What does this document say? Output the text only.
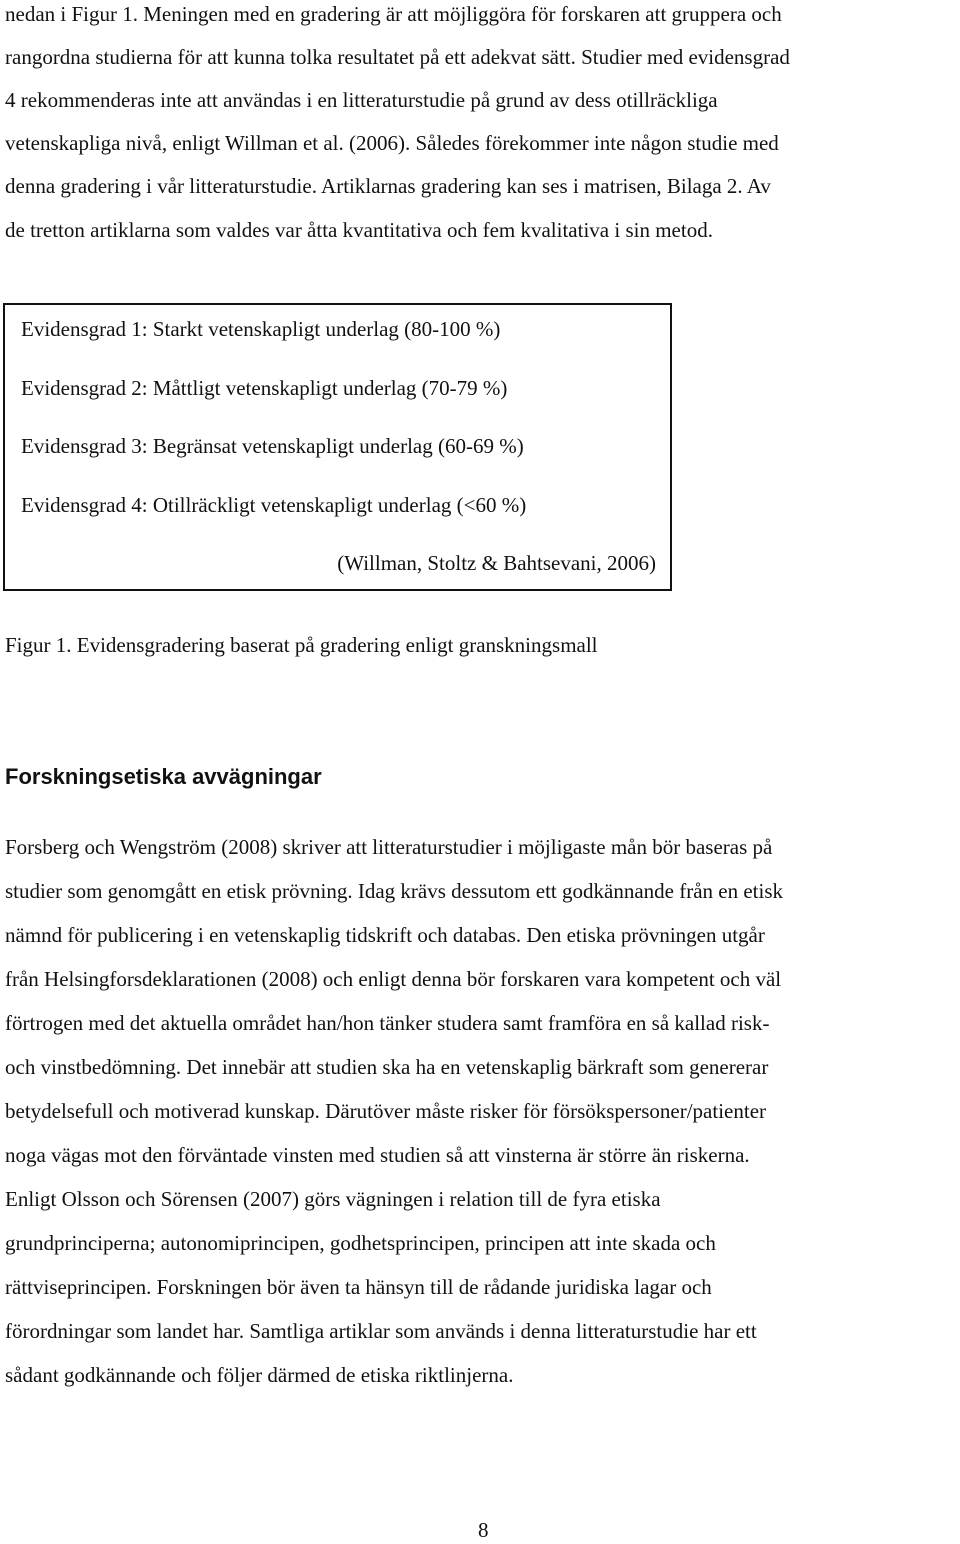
nedan i Figur 1. Meningen med en gradering är att möjliggöra för forskaren att gruppera och
rangordna studierna för att kunna tolka resultatet på ett adekvat sätt. Studier med evidensgrad
4 rekommenderas inte att användas i en litteraturstudie på grund av dess otillräckliga
vetenskapliga nivå, enligt Willman et al. (2006). Således förekommer inte någon studie med
denna gradering i vår litteraturstudie. Artiklarnas gradering kan ses i matrisen, Bilaga 2. Av
de tretton artiklarna som valdes var åtta kvantitativa och fem kvalitativa i sin metod.
Evidensgrad 1: Starkt vetenskapligt underlag (80-100 %)
Evidensgrad 2: Måttligt vetenskapligt underlag (70-79 %)
Evidensgrad 3: Begränsat vetenskapligt underlag (60-69 %)
Evidensgrad 4: Otillräckligt vetenskapligt underlag (<60 %)
(Willman, Stoltz & Bahtsevani, 2006)
Figur 1. Evidensgradering baserat på gradering enligt granskningsmall
Forskningsetiska avvägningar
Forsberg och Wengström (2008) skriver att litteraturstudier i möjligaste mån bör baseras på
studier som genomgått en etisk prövning. Idag krävs dessutom ett godkännande från en etisk
nämnd för publicering i en vetenskaplig tidskrift och databas. Den etiska prövningen utgår
från Helsingforsdeklarationen (2008) och enligt denna bör forskaren vara kompetent och väl
förtrogen med det aktuella området han/hon tänker studera samt framföra en så kallad risk-
och vinstbedömning. Det innebär att studien ska ha en vetenskaplig bärkraft som genererar
betydelsefull och motiverad kunskap. Därutöver måste risker för försökspersoner/patienter
noga vägas mot den förväntade vinsten med studien så att vinsterna är större än riskerna.
Enligt Olsson och Sörensen (2007) görs vägningen i relation till de fyra etiska
grundprinciperna; autonomiprincipen, godhetsprincipen, principen att inte skada och
rättviseprincipen. Forskningen bör även ta hänsyn till de rådande juridiska lagar och
förordningar som landet har. Samtliga artiklar som används i denna litteraturstudie har ett
sådant godkännande och följer därmed de etiska riktlinjerna.
8
